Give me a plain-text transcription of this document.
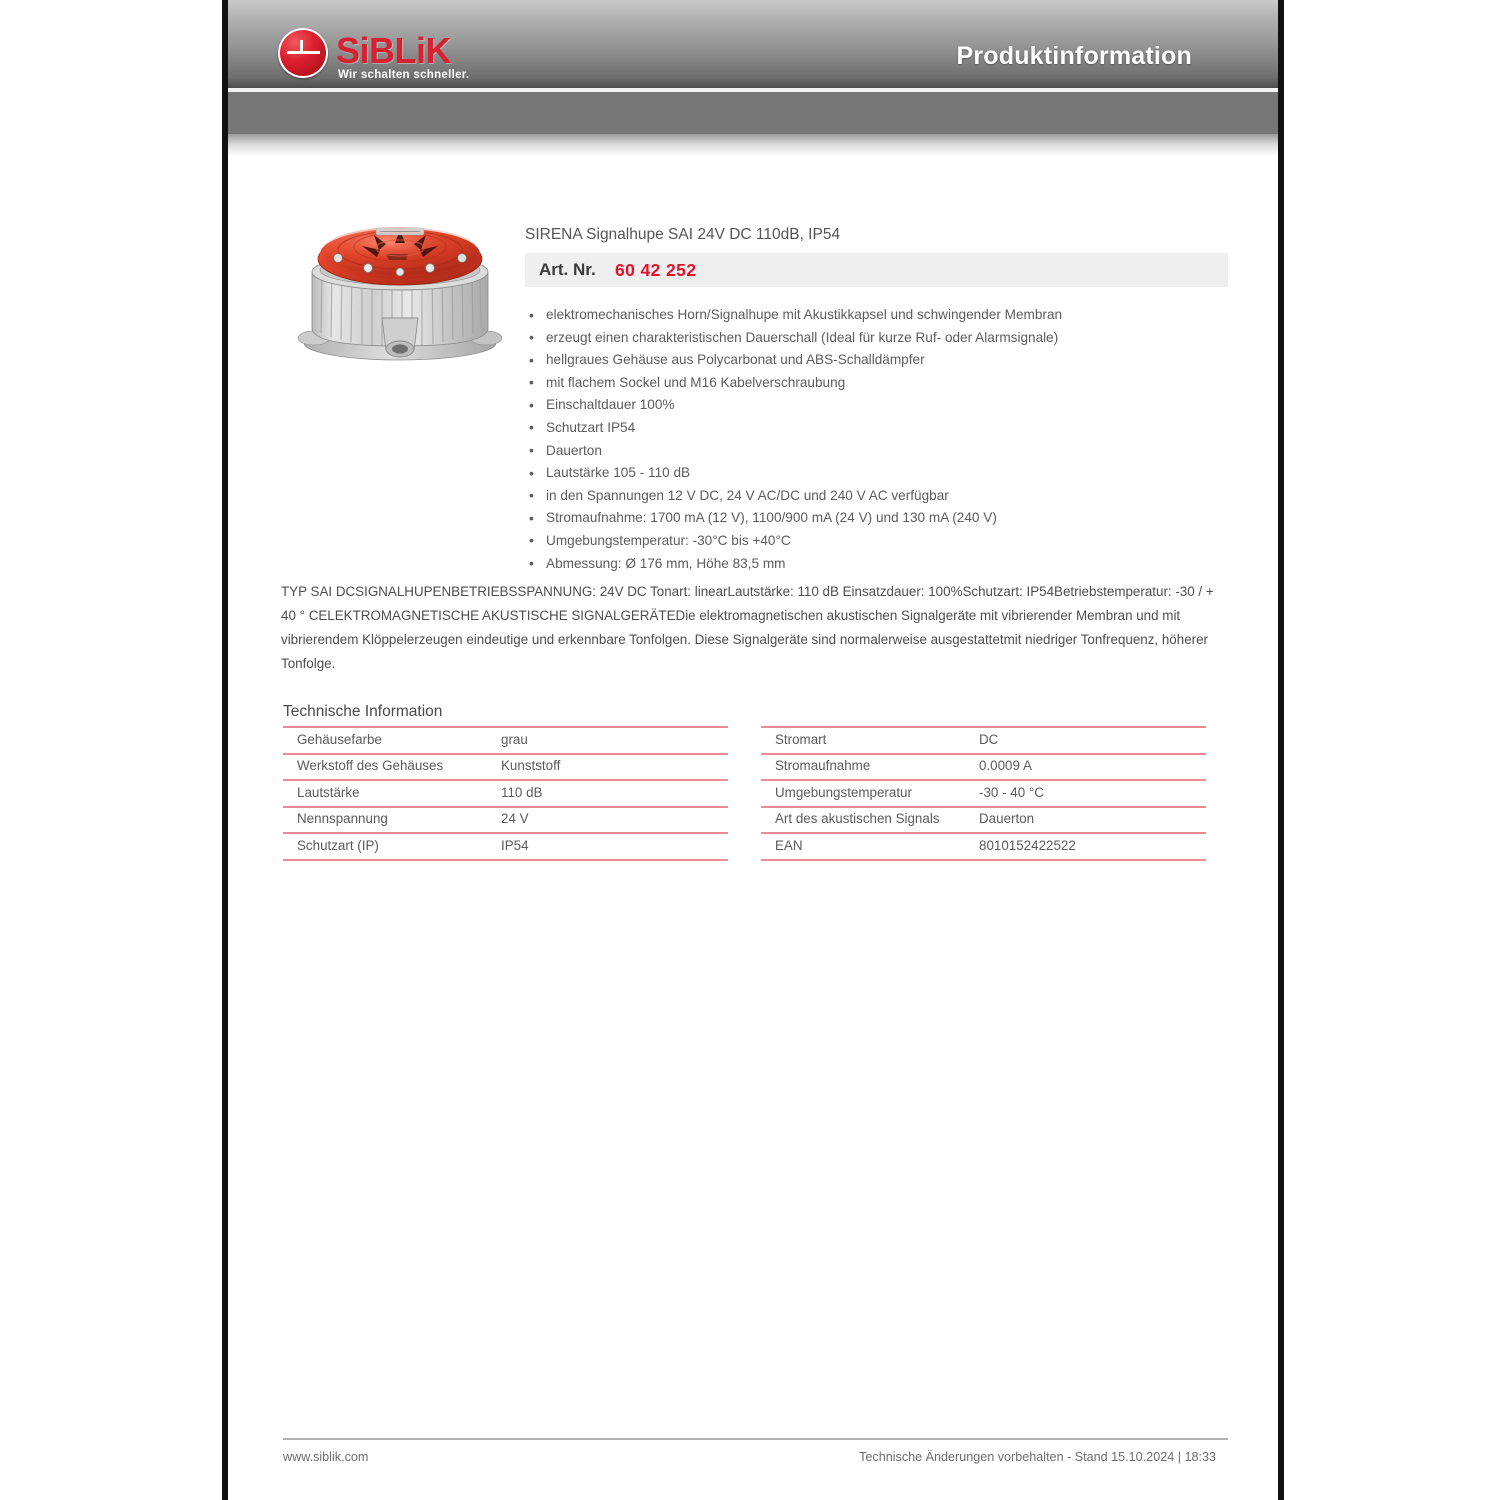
SiBLiK
Wir schalten schneller.
Produktinformation
SIRENA Signalhupe SAI 24V DC 110dB, IP54
Art. Nr. 60 42 252
• elektromechanisches Horn/Signalhupe mit Akustikkapsel und schwingender Membran
• erzeugt einen charakteristischen Dauerschall (Ideal für kurze Ruf- oder Alarmsignale)
• hellgraues Gehäuse aus Polycarbonat und ABS-Schalldämpfer
• mit flachem Sockel und M16 Kabelverschraubung
• Einschaltdauer 100%
• Schutzart IP54
• Dauerton
• Lautstärke 105 - 110 dB
• in den Spannungen 12 V DC, 24 V AC/DC und 240 V AC verfügbar
• Stromaufnahme: 1700 mA (12 V), 1100/900 mA (24 V) und 130 mA (240 V)
• Umgebungstemperatur: -30°C bis +40°C
• Abmessung: Ø 176 mm, Höhe 83,5 mm
TYP SAI DCSIGNALHUPENBETRIEBSSPANNUNG: 24V DC Tonart: linearLautstärke: 110 dB Einsatzdauer: 100%Schutzart: IP54Betriebstemperatur: -30 / + 40 ° CELEKTROMAGNETISCHE AKUSTISCHE SIGNALGERÄTEDie elektromagnetischen akustischen Signalgeräte mit vibrierender Membran und mit vibrierendem Klöppelerzeugen eindeutige und erkennbare Tonfolgen. Diese Signalgeräte sind normalerweise ausgestattetmit niedriger Tonfrequenz, höherer Tonfolge.
Technische Information
Gehäusefarbe	grau
Werkstoff des Gehäuses	Kunststoff
Lautstärke	110 dB
Nennspannung	24 V
Schutzart (IP)	IP54
Stromart	DC
Stromaufnahme	0.0009 A
Umgebungstemperatur	-30 - 40 °C
Art des akustischen Signals	Dauerton
EAN	8010152422522
www.siblik.com	Technische Änderungen vorbehalten - Stand 15.10.2024 | 18:33
